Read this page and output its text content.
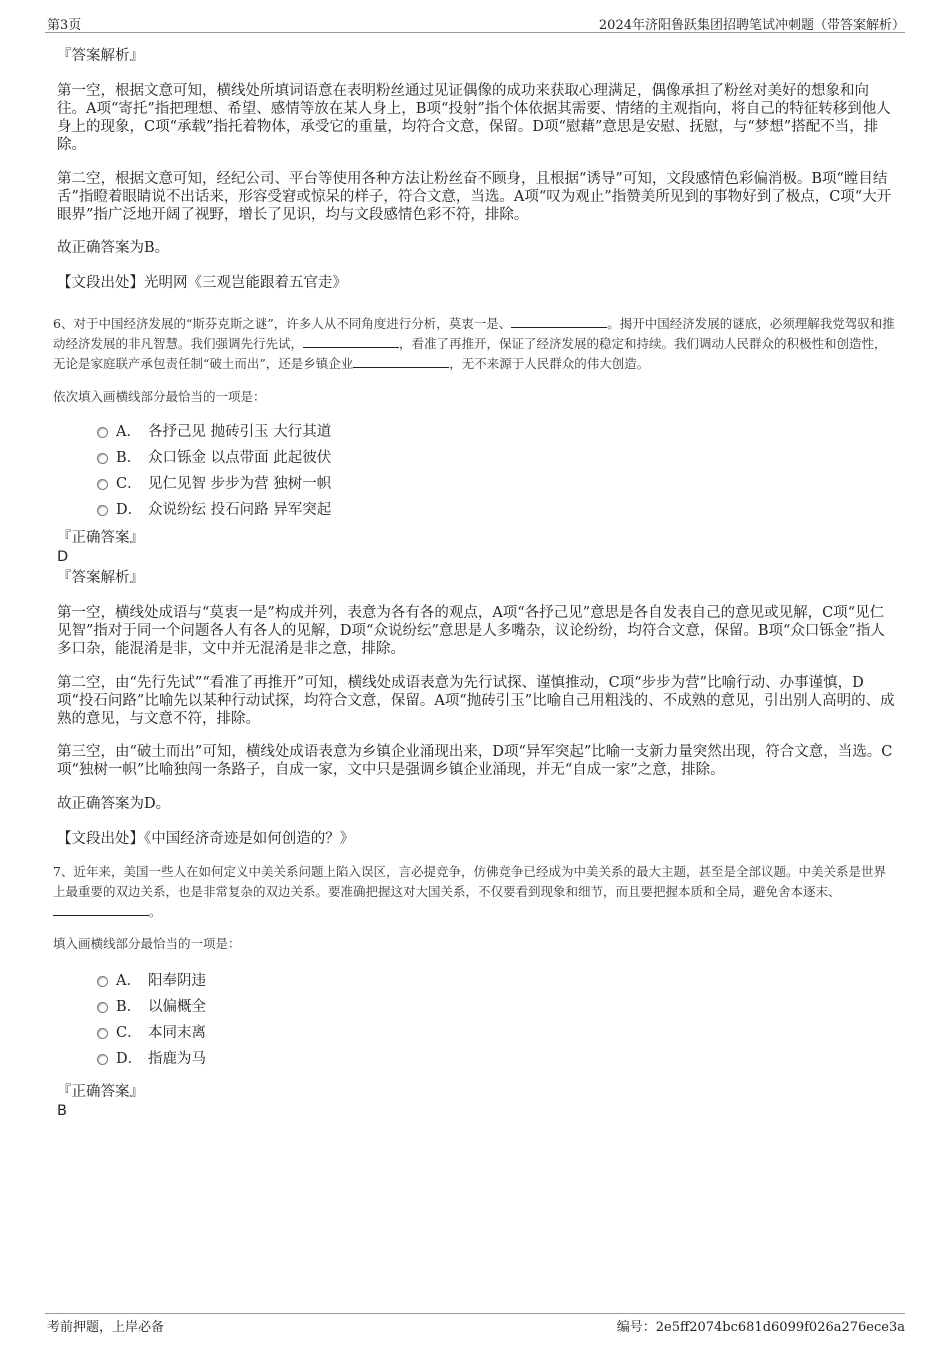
第3页	2024年济阳鲁跃集团招聘笔试冲刺题（带答案解析）

『答案解析』

第一空，根据文意可知，横线处所填词语意在表明粉丝通过见证偶像的成功来获取心理满足，偶像承担了粉丝对美好的想象和向往。A项“寄托”指把理想、希望、感情等放在某人身上，B项“投射”指个体依据其需要、情绪的主观指向，将自己的特征转移到他人身上的现象，C项“承载”指托着物体，承受它的重量，均符合文意，保留。D项“慰藉”意思是安慰、抚慰，与“梦想”搭配不当，排除。

第二空，根据文意可知，经纪公司、平台等使用各种方法让粉丝奋不顾身，且根据“诱导”可知，文段感情色彩偏消极。B项“瞠目结舌”指瞪着眼睛说不出话来，形容受窘或惊呆的样子，符合文意，当选。A项“叹为观止”指赞美所见到的事物好到了极点，C项“大开眼界”指广泛地开阔了视野，增长了见识，均与文段感情色彩不符，排除。

故正确答案为B。

【文段出处】光明网《三观岂能跟着五官走》

6、对于中国经济发展的“斯芬克斯之谜”，许多人从不同角度进行分析，莫衷一是、	。揭开中国经济发展的谜底，必须理解我党驾驭和推动经济发展的非凡智慧。我们强调先行先试，	，看准了再推开，保证了经济发展的稳定和持续。我们调动人民群众的积极性和创造性，无论是家庭联产承包责任制“破土而出”，还是乡镇企业	，无不来源于人民群众的伟大创造。

依次填入画横线部分最恰当的一项是：

A． 各抒己见 抛砖引玉 大行其道
B． 众口铄金 以点带面 此起彼伏
C． 见仁见智 步步为营 独树一帜
D． 众说纷纭 投石问路 异军突起

『正确答案』

D

『答案解析』

第一空，横线处成语与“莫衷一是”构成并列，表意为各有各的观点，A项“各抒己见”意思是各自发表自己的意见或见解，C项“见仁见智”指对于同一个问题各人有各人的见解，D项“众说纷纭”意思是人多嘴杂，议论纷纷，均符合文意，保留。B项“众口铄金”指人多口杂，能混淆是非，文中并无混淆是非之意，排除。

第二空，由“先行先试”“看准了再推开”可知，横线处成语表意为先行试探、谨慎推动，C项“步步为营”比喻行动、办事谨慎，D项“投石问路”比喻先以某种行动试探，均符合文意，保留。A项“抛砖引玉”比喻自己用粗浅的、不成熟的意见，引出别人高明的、成熟的意见，与文意不符，排除。

第三空，由“破土而出”可知，横线处成语表意为乡镇企业涌现出来，D项“异军突起”比喻一支新力量突然出现，符合文意，当选。C项“独树一帜”比喻独闯一条路子，自成一家，文中只是强调乡镇企业涌现，并无“自成一家”之意，排除。

故正确答案为D。

【文段出处】《中国经济奇迹是如何创造的？》

7、近年来，美国一些人在如何定义中美关系问题上陷入误区，言必提竞争，仿佛竞争已经成为中美关系的最大主题，甚至是全部议题。中美关系是世界上最重要的双边关系，也是非常复杂的双边关系。要准确把握这对大国关系，不仅要看到现象和细节，而且要把握本质和全局，避免舍本逐末、。

填入画横线部分最恰当的一项是：

A． 阳奉阴违
B． 以偏概全
C． 本同末离
D． 指鹿为马

『正确答案』

B

考前押题，上岸必备	编号：2e5ff2074bc681d6099f026a276ece3a
